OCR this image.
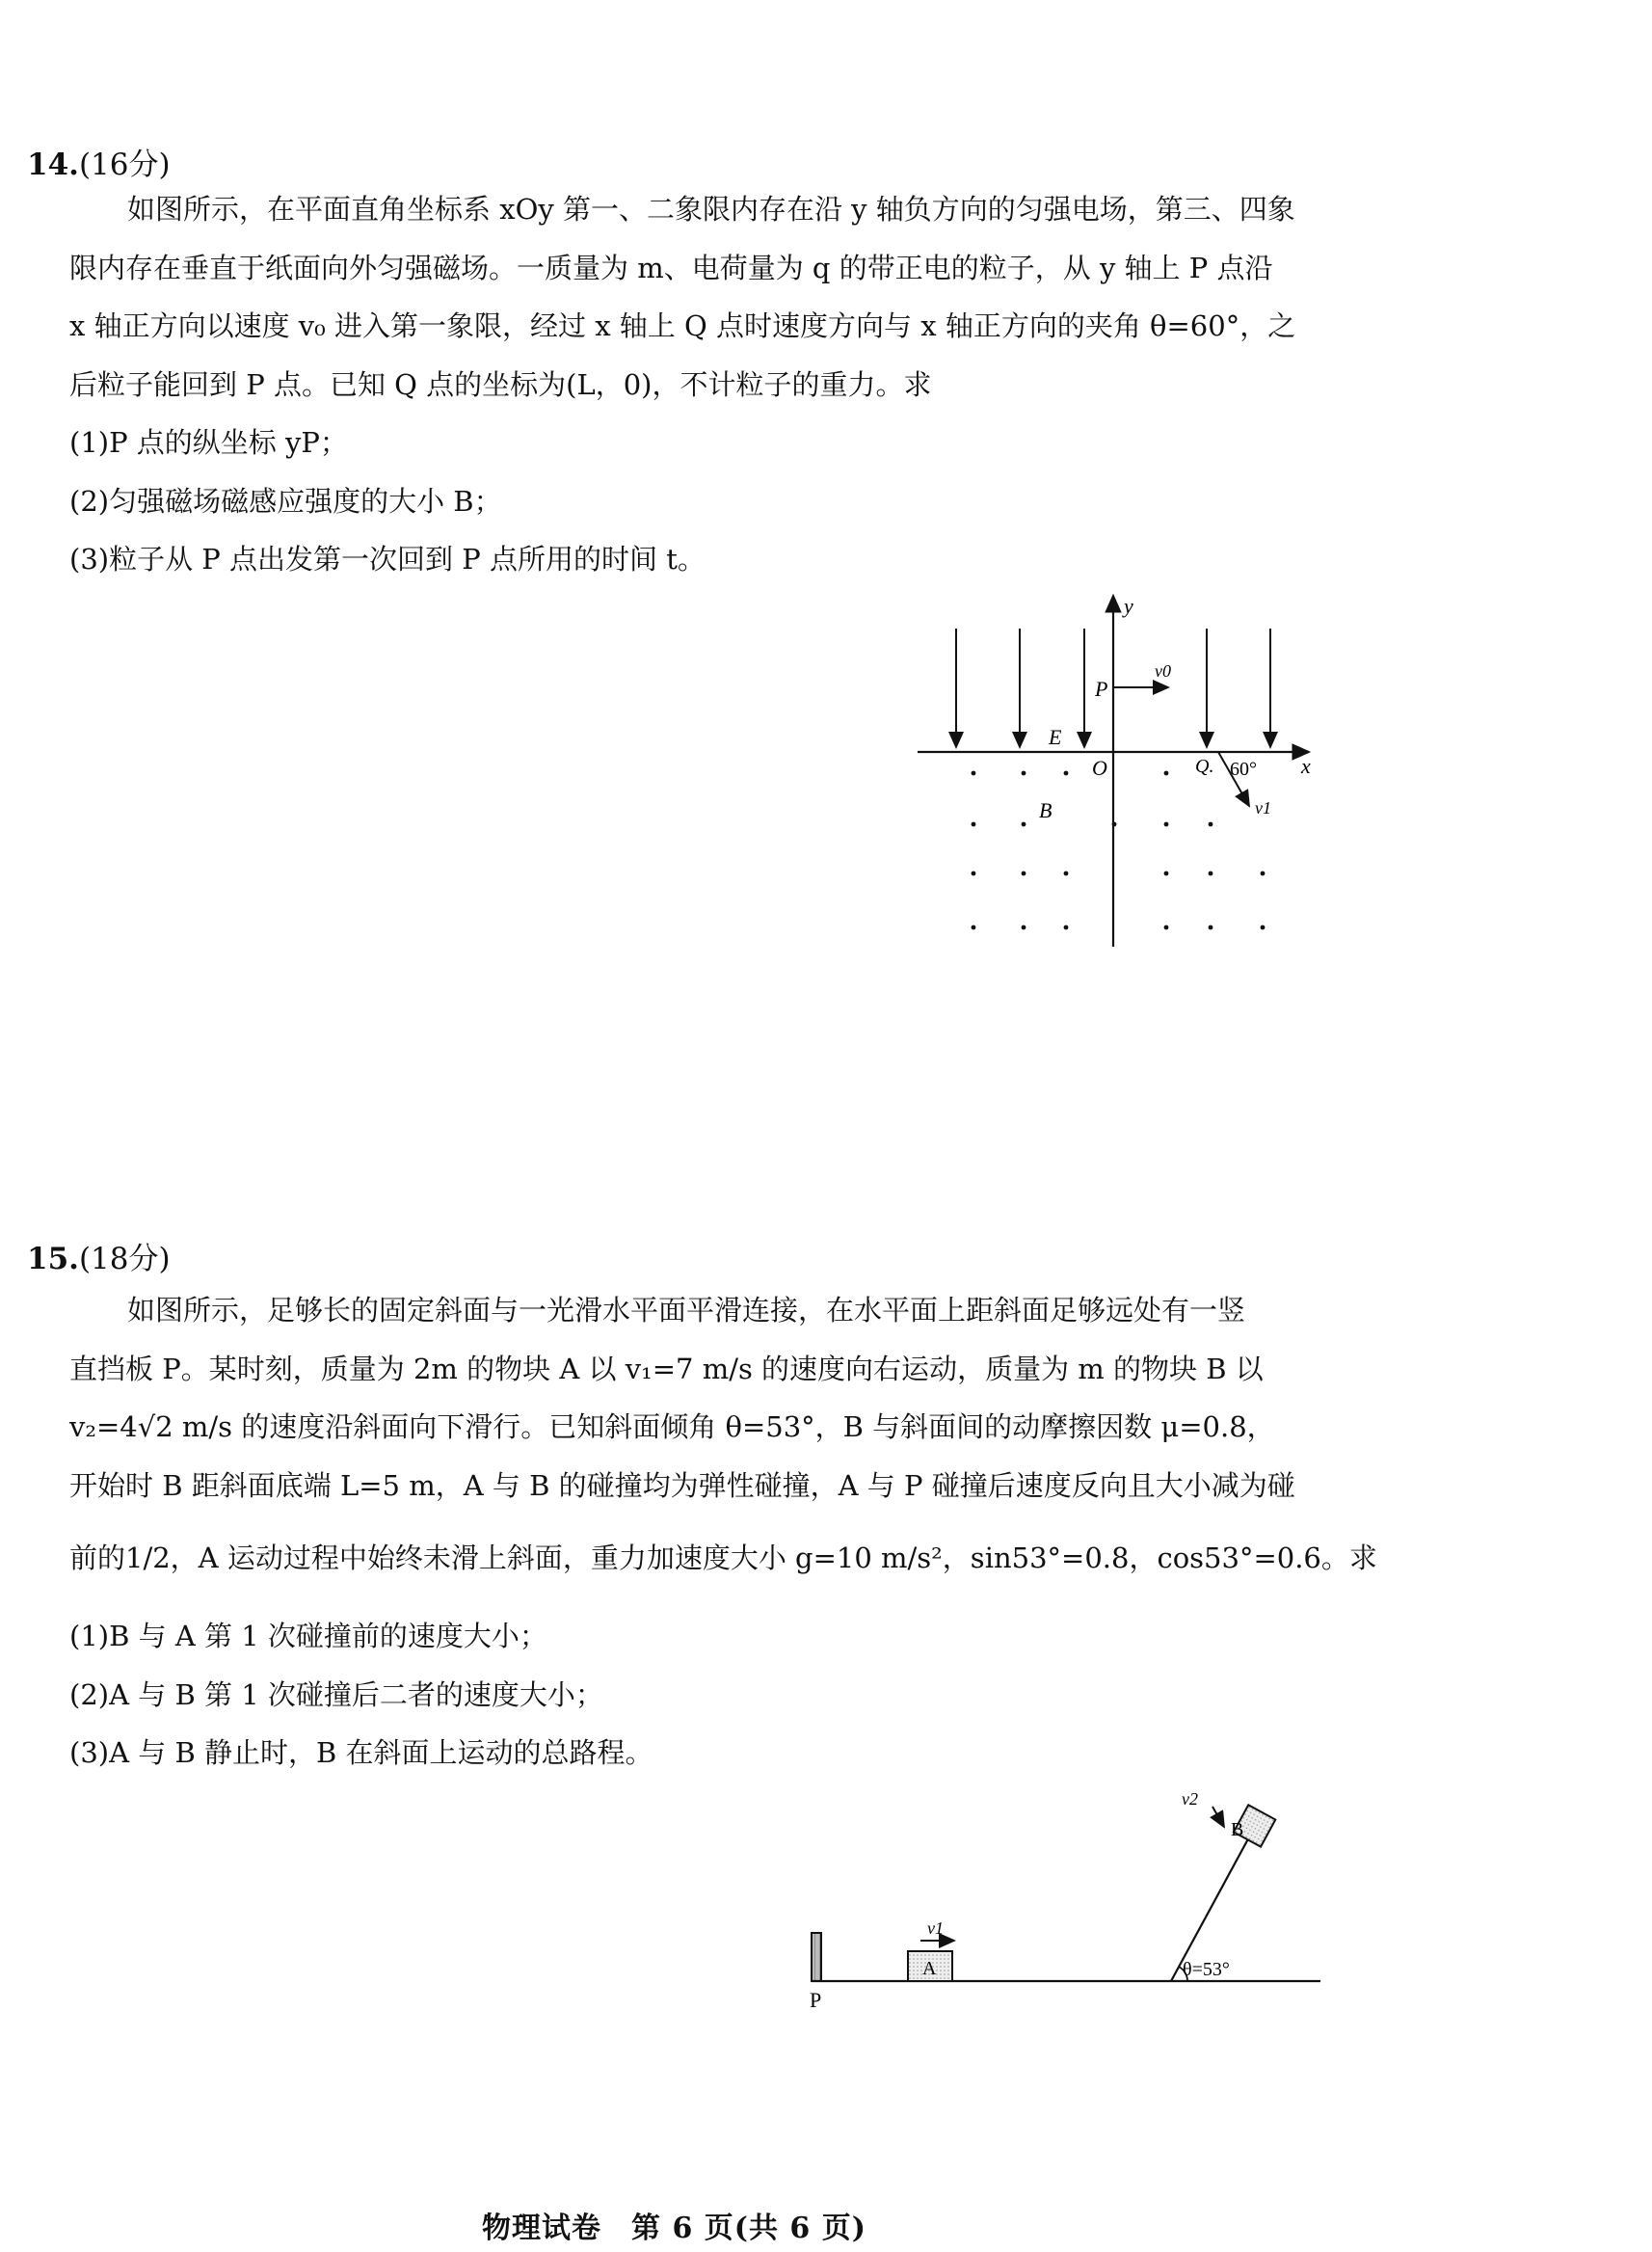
14.(16分)
如图所示，在平面直角坐标系 xOy 第一、二象限内存在沿 y 轴负方向的匀强电场，第三、四象
限内存在垂直于纸面向外匀强磁场。一质量为 m、电荷量为 q 的带正电的粒子，从 y 轴上 P 点沿
x 轴正方向以速度 v₀ 进入第一象限，经过 x 轴上 Q 点时速度方向与 x 轴正方向的夹角 θ=60°，之
后粒子能回到 P 点。已知 Q 点的坐标为(L，0)，不计粒子的重力。求
(1)P 点的纵坐标 yP；
(2)匀强磁场磁感应强度的大小 B；
(3)粒子从 P 点出发第一次回到 P 点所用的时间 t。
y
x
O
P
v0
E
Q. 60°
v1
B
15.(18分)
如图所示，足够长的固定斜面与一光滑水平面平滑连接，在水平面上距斜面足够远处有一竖
直挡板 P。某时刻，质量为 2m 的物块 A 以 v₁=7 m/s 的速度向右运动，质量为 m 的物块 B 以
v₂=4√2 m/s 的速度沿斜面向下滑行。已知斜面倾角 θ=53°，B 与斜面间的动摩擦因数 μ=0.8，
开始时 B 距斜面底端 L=5 m，A 与 B 的碰撞均为弹性碰撞，A 与 P 碰撞后速度反向且大小减为碰
前的1/2，A 运动过程中始终未滑上斜面，重力加速度大小 g=10 m/s²，sin53°=0.8，cos53°=0.6。求
(1)B 与 A 第 1 次碰撞前的速度大小；
(2)A 与 B 第 1 次碰撞后二者的速度大小；
(3)A 与 B 静止时，B 在斜面上运动的总路程。
P
A
v1
θ=53°
B
v2
物理试卷　第 6 页(共 6 页)
